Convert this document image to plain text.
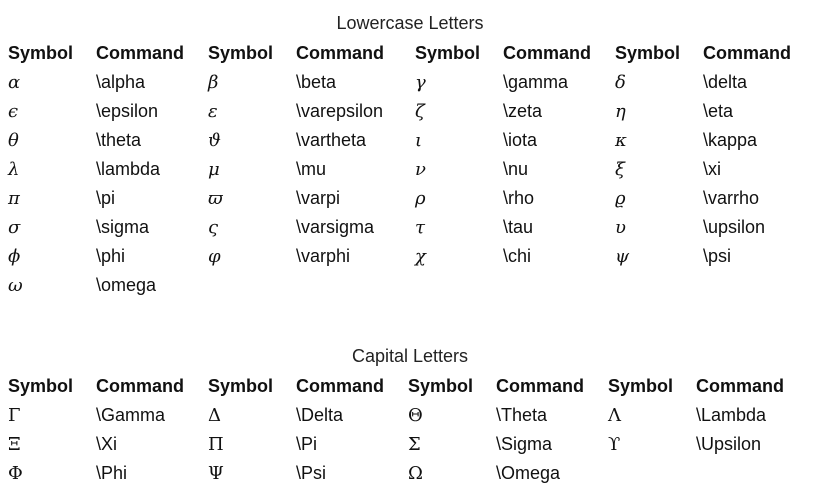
Lowercase Letters
Symbol	Command	Symbol	Command	Symbol	Command	Symbol	Command
α	\alpha	β	\beta	γ	\gamma	δ	\delta
ϵ	\epsilon	ε	\varepsilon	ζ	\zeta	η	\eta
θ	\theta	ϑ	\vartheta	ι	\iota	κ	\kappa
λ	\lambda	μ	\mu	ν	\nu	ξ	\xi
π	\pi	ϖ	\varpi	ρ	\rho	ϱ	\varrho
σ	\sigma	ς	\varsigma	τ	\tau	υ	\upsilon
ϕ	\phi	φ	\varphi	χ	\chi	ψ	\psi
ω	\omega						
Capital Letters
Symbol	Command	Symbol	Command	Symbol	Command	Symbol	Command
Γ	\Gamma	Δ	\Delta	Θ	\Theta	Λ	\Lambda
Ξ	\Xi	Π	\Pi	Σ	\Sigma	ϒ	\Upsilon
Φ	\Phi	Ψ	\Psi	Ω	\Omega		
